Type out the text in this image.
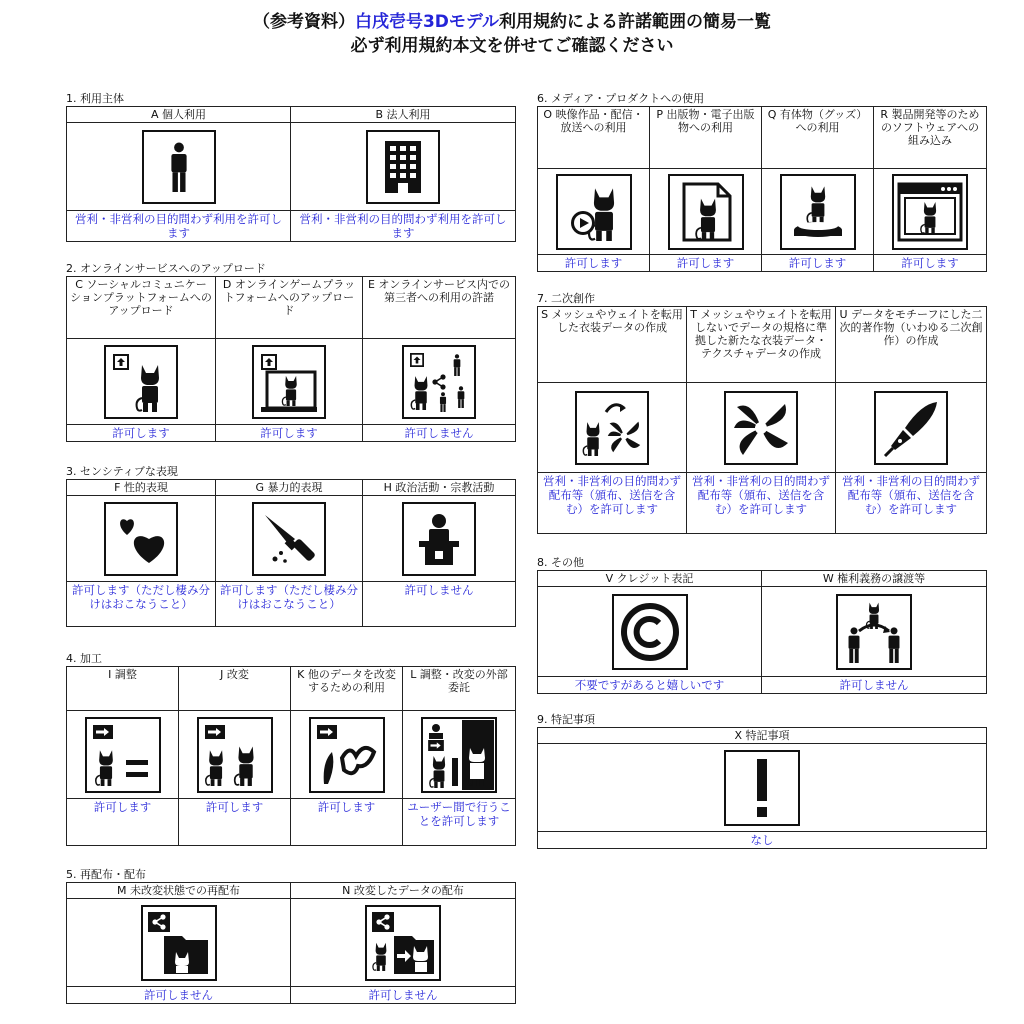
（参考資料）白戌壱号3Dモデル利用規約による許諾範囲の簡易一覧
必ず利用規約本文を併せてご確認ください
1. 利用主体
A 個人利用
営利・非営利の目的問わず利用を許可します
B 法人利用
営利・非営利の目的問わず利用を許可します
2. オンラインサービスへのアップロード
C ソーシャルコミュニケーションプラットフォームへのアップロード
許可します
D オンラインゲームプラットフォームへのアップロード
許可します
E オンラインサービス内での第三者への利用の許諾
許可しません
3. センシティブな表現
F 性的表現
許可します（ただし棲み分けはおこなうこと）
G 暴力的表現
許可します（ただし棲み分けはおこなうこと）
H 政治活動・宗教活動
許可しません
4. 加工
I 調整
許可します
J 改変
許可します
K 他のデータを改変するための利用
許可します
L 調整・改変の外部委託
ユーザー間で行うことを許可します
5. 再配布・配布
M 未改変状態での再配布
許可しません
N 改変したデータの配布
許可しません
6. メディア・プロダクトへの使用
O 映像作品・配信・放送への利用
許可します
P 出版物・電子出版物への利用
許可します
Q 有体物（グッズ）への利用
許可します
R 製品開発等のためのソフトウェアへの組み込み
許可します
7. 二次創作
S メッシュやウェイトを転用した衣装データの作成
営利・非営利の目的問わず配布等（頒布、送信を含む）を許可します
T メッシュやウェイトを転用しないでデータの規格に準拠した新たな衣装データ・テクスチャデータの作成
営利・非営利の目的問わず配布等（頒布、送信を含む）を許可します
U データをモチーフにした二次的著作物（いわゆる二次創作）の作成
営利・非営利の目的問わず配布等（頒布、送信を含む）を許可します
8. その他
V クレジット表記
不要ですがあると嬉しいです
W 権利義務の譲渡等
許可しません
9. 特記事項
X 特記事項
なし
